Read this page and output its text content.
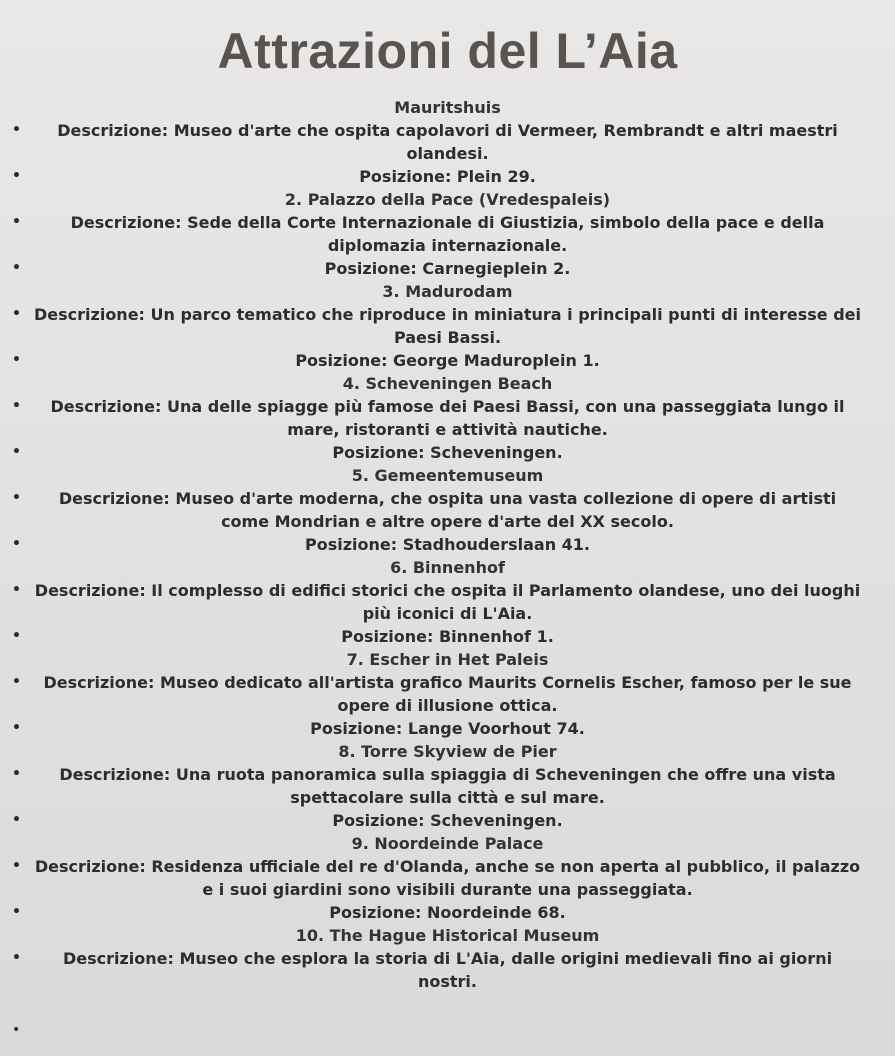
Attrazioni del L’Aia
Mauritshuis
• Descrizione: Museo d'arte che ospita capolavori di Vermeer, Rembrandt e altri maestri olandesi.
•	Posizione: Plein 29.
2. Palazzo della Pace (Vredespaleis)
•	Descrizione: Sede della Corte Internazionale di Giustizia, simbolo della pace e della diplomazia internazionale.
•	Posizione: Carnegieplein 2.
3. Madurodam
• Descrizione: Un parco tematico che riproduce in miniatura i principali punti di interesse dei Paesi Bassi.
•	Posizione: George Maduroplein 1.
4. Scheveningen Beach
• Descrizione: Una delle spiagge più famose dei Paesi Bassi, con una passeggiata lungo il mare, ristoranti e attività nautiche.
•	Posizione: Scheveningen.
5. Gemeentemuseum
• Descrizione: Museo d'arte moderna, che ospita una vasta collezione di opere di artisti come Mondrian e altre opere d'arte del XX secolo.
•	Posizione: Stadhouderslaan 41.
6. Binnenhof
• Descrizione: Il complesso di edifici storici che ospita il Parlamento olandese, uno dei luoghi più iconici di L'Aia.
•	Posizione: Binnenhof 1.
7. Escher in Het Paleis
• Descrizione: Museo dedicato all'artista grafico Maurits Cornelis Escher, famoso per le sue opere di illusione ottica.
•	Posizione: Lange Voorhout 74.
8. Torre Skyview de Pier
• Descrizione: Una ruota panoramica sulla spiaggia di Scheveningen che offre una vista spettacolare sulla città e sul mare.
•	Posizione: Scheveningen.
9. Noordeinde Palace
• Descrizione: Residenza ufficiale del re d'Olanda, anche se non aperta al pubblico, il palazzo e i suoi giardini sono visibili durante una passeggiata.
•	Posizione: Noordeinde 68.
10. The Hague Historical Museum
•	Descrizione: Museo che esplora la storia di L'Aia, dalle origini medievali fino ai giorni nostri.
•
